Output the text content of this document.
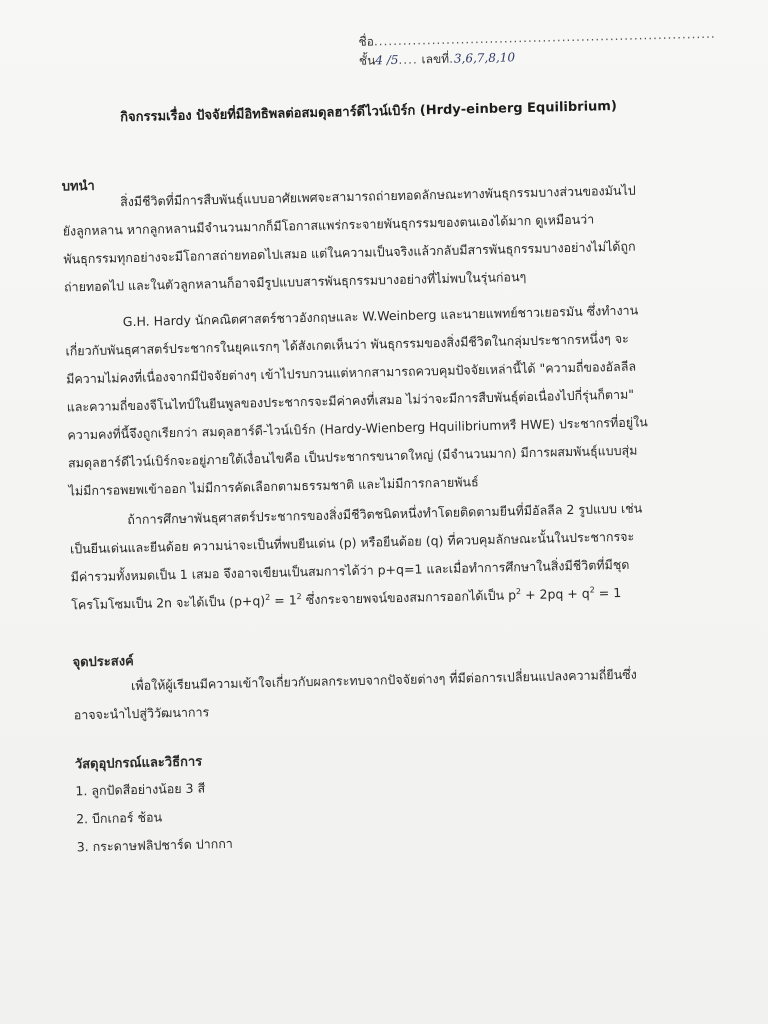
ชื่อ....................................................................... ชั้น4 /5.... เลขที่.3,6,7,8,10
กิจกรรมเรื่อง ปัจจัยที่มีอิทธิพลต่อสมดุลฮาร์ดีไวน์เบิร์ก (Hrdy-einberg Equilibrium)
บทนำ	สิ่งมีชีวิตที่มีการสืบพันธุ์แบบอาศัยเพศจะสามารถถ่ายทอดลักษณะทางพันธุกรรมบางส่วนของมันไป
ยังลูกหลาน หากลูกหลานมีจำนวนมากก็มีโอกาสแพร่กระจายพันธุกรรมของตนเองได้มาก ดูเหมือนว่า
พันธุกรรมทุกอย่างจะมีโอกาสถ่ายทอดไปเสมอ แต่ในความเป็นจริงแล้วกลับมีสารพันธุกรรมบางอย่างไม่ได้ถูก
ถ่ายทอดไป และในตัวลูกหลานก็อาจมีรูปแบบสารพันธุกรรมบางอย่างที่ไม่พบในรุ่นก่อนๆ
G.H. Hardy นักคณิตศาสตร์ชาวอังกฤษและ W.Weinberg และนายแพทย์ชาวเยอรมัน ซึ่งทำงาน
เกี่ยวกับพันธุศาสตร์ประชากรในยุคแรกๆ ได้สังเกตเห็นว่า พันธุกรรมของสิ่งมีชีวิตในกลุ่มประชากรหนึ่งๆ จะ
มีความไม่คงที่เนื่องจากมีปัจจัยต่างๆ เข้าไปรบกวนแต่หากสามารถควบคุมปัจจัยเหล่านี้ได้ "ความถี่ของอัลลีล
และความถี่ของจีโนไทป์ในยีนพูลของประชากรจะมีค่าคงที่เสมอ ไม่ว่าจะมีการสืบพันธุ์ต่อเนื่องไปกี่รุ่นก็ตาม"
ความคงที่นี้จึงถูกเรียกว่า สมดุลฮาร์ดี-ไวน์เบิร์ก (Hardy-Wienberg Hquilibriumหรื HWE) ประชากรที่อยู่ใน
สมดุลฮาร์ดีไวน์เบิร์กจะอยู่ภายใต้เงื่อนไขคือ เป็นประชากรขนาดใหญ่ (มีจำนวนมาก) มีการผสมพันธุ์แบบสุ่ม
ไม่มีการอพยพเข้าออก ไม่มีการคัดเลือกตามธรรมชาติ และไม่มีการกลายพันธ์
ถ้าการศึกษาพันธุศาสตร์ประชากรของสิ่งมีชีวิตชนิดหนึ่งทำโดยติดตามยีนที่มีอัลลีล 2 รูปแบบ เช่น
เป็นยีนเด่นและยีนด้อย ความน่าจะเป็นที่พบยีนเด่น (p) หรือยีนด้อย (q) ที่ควบคุมลักษณะนั้นในประชากรจะ
มีค่ารวมทั้งหมดเป็น 1 เสมอ จึงอาจเขียนเป็นสมการได้ว่า p+q=1 และเมื่อทำการศึกษาในสิ่งมีชีวิตที่มีชุด
โครโมโซมเป็น 2n จะได้เป็น $(p+q)^2 = 1^2$ ซึ่งกระจายพจน์ของสมการออกได้เป็น $p^2 + 2pq + q^2 = 1$
จุดประสงค์
เพื่อให้ผู้เรียนมีความเข้าใจเกี่ยวกับผลกระทบจากปัจจัยต่างๆ ที่มีต่อการเปลี่ยนแปลงความถี่ยีนซึ่ง
อาจจะนำไปสู่วิวัฒนาการ
วัสดุอุปกรณ์และวิธีการ
1. ลูกปัดสีอย่างน้อย 3 สี
2. บีกเกอร์ ช้อน
3. กระดาษฟลิปชาร์ด ปากกา
